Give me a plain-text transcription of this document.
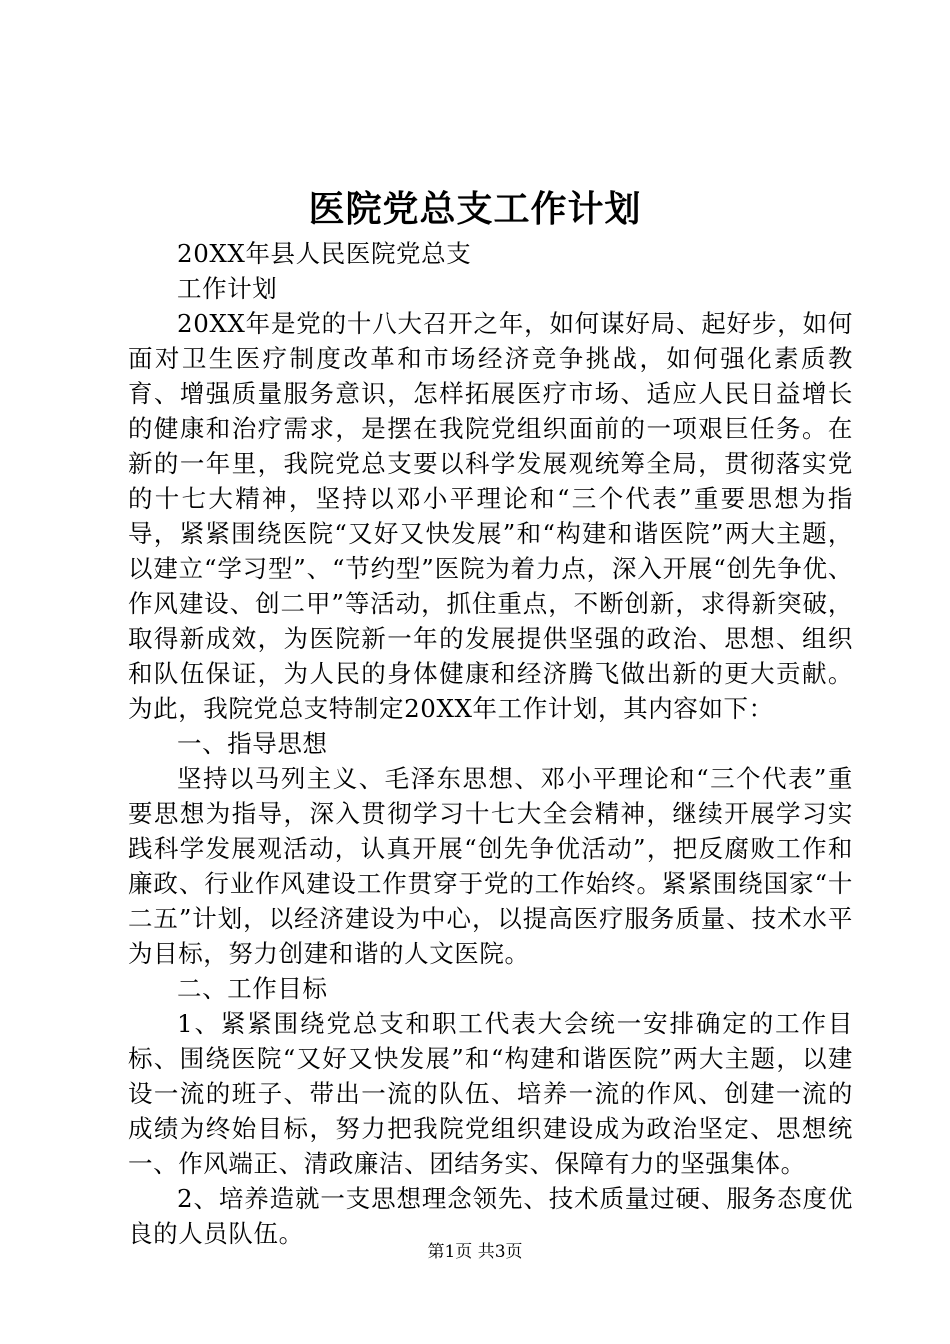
医院党总支工作计划

20XX年县人民医院党总支

工作计划

20XX年是党的十八大召开之年，如何谋好局、起好步，如何面对卫生医疗制度改革和市场经济竞争挑战，如何强化素质教育、增强质量服务意识，怎样拓展医疗市场、适应人民日益增长的健康和治疗需求，是摆在我院党组织面前的一项艰巨任务。在新的一年里，我院党总支要以科学发展观统筹全局，贯彻落实党的十七大精神，坚持以邓小平理论和“三个代表”重要思想为指导，紧紧围绕医院“又好又快发展”和“构建和谐医院”两大主题，以建立“学习型”、“节约型”医院为着力点，深入开展“创先争优、作风建设、创二甲”等活动，抓住重点，不断创新，求得新突破，取得新成效，为医院新一年的发展提供坚强的政治、思想、组织和队伍保证，为人民的身体健康和经济腾飞做出新的更大贡献。为此，我院党总支特制定20XX年工作计划，其内容如下：

一、指导思想

坚持以马列主义、毛泽东思想、邓小平理论和“三个代表”重要思想为指导，深入贯彻学习十七大全会精神，继续开展学习实践科学发展观活动，认真开展“创先争优活动”，把反腐败工作和廉政、行业作风建设工作贯穿于党的工作始终。紧紧围绕国家“十二五”计划，以经济建设为中心，以提高医疗服务质量、技术水平为目标，努力创建和谐的人文医院。

二、工作目标

1、紧紧围绕党总支和职工代表大会统一安排确定的工作目标、围绕医院“又好又快发展”和“构建和谐医院”两大主题，以建设一流的班子、带出一流的队伍、培养一流的作风、创建一流的成绩为终始目标，努力把我院党组织建设成为政治坚定、思想统一、作风端正、清政廉洁、团结务实、保障有力的坚强集体。

2、培养造就一支思想理念领先、技术质量过硬、服务态度优良的人员队伍。

第1页 共3页
